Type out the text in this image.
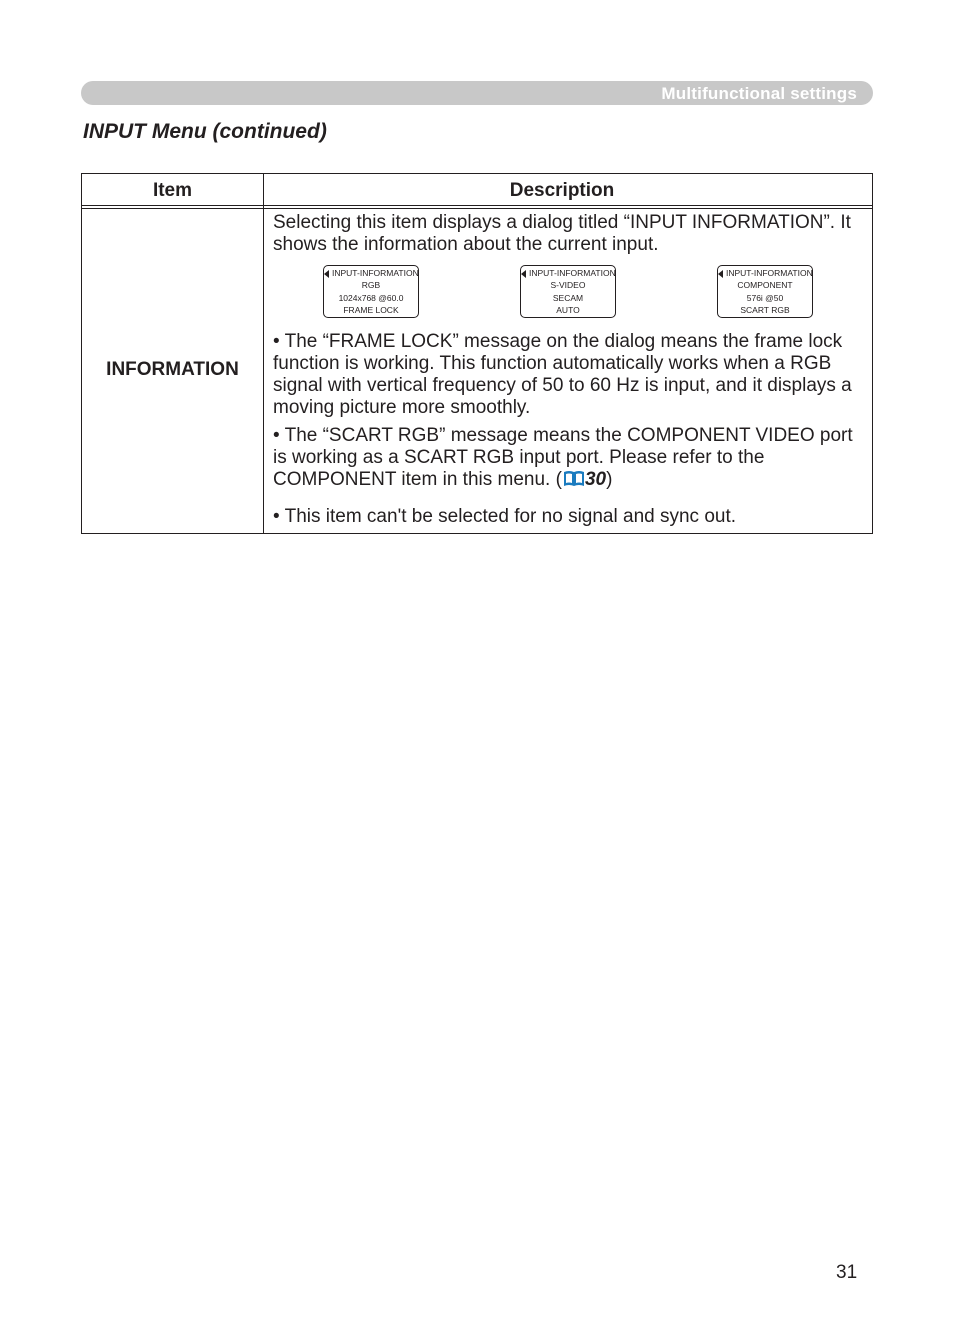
Multifunctional settings
INPUT Menu (continued)
Item	Description
INFORMATION

Selecting this item displays a dialog titled “INPUT INFORMATION”. It shows the information about the current input.

INPUT-INFORMATION
RGB
1024x768 @60.0
FRAME LOCK
INPUT-INFORMATION
S-VIDEO
SECAM
AUTO
INPUT-INFORMATION
COMPONENT
576i @50
SCART RGB

• The “FRAME LOCK” message on the dialog means the frame lock function is working. This function automatically works when a RGB signal with vertical frequency of 50 to 60 Hz is input, and it displays a moving picture more smoothly.

• The “SCART RGB” message means the COMPONENT VIDEO port is working as a SCART RGB input port. Please refer to the COMPONENT item in this menu. ( 30)

• This item can't be selected for no signal and sync out.

31
